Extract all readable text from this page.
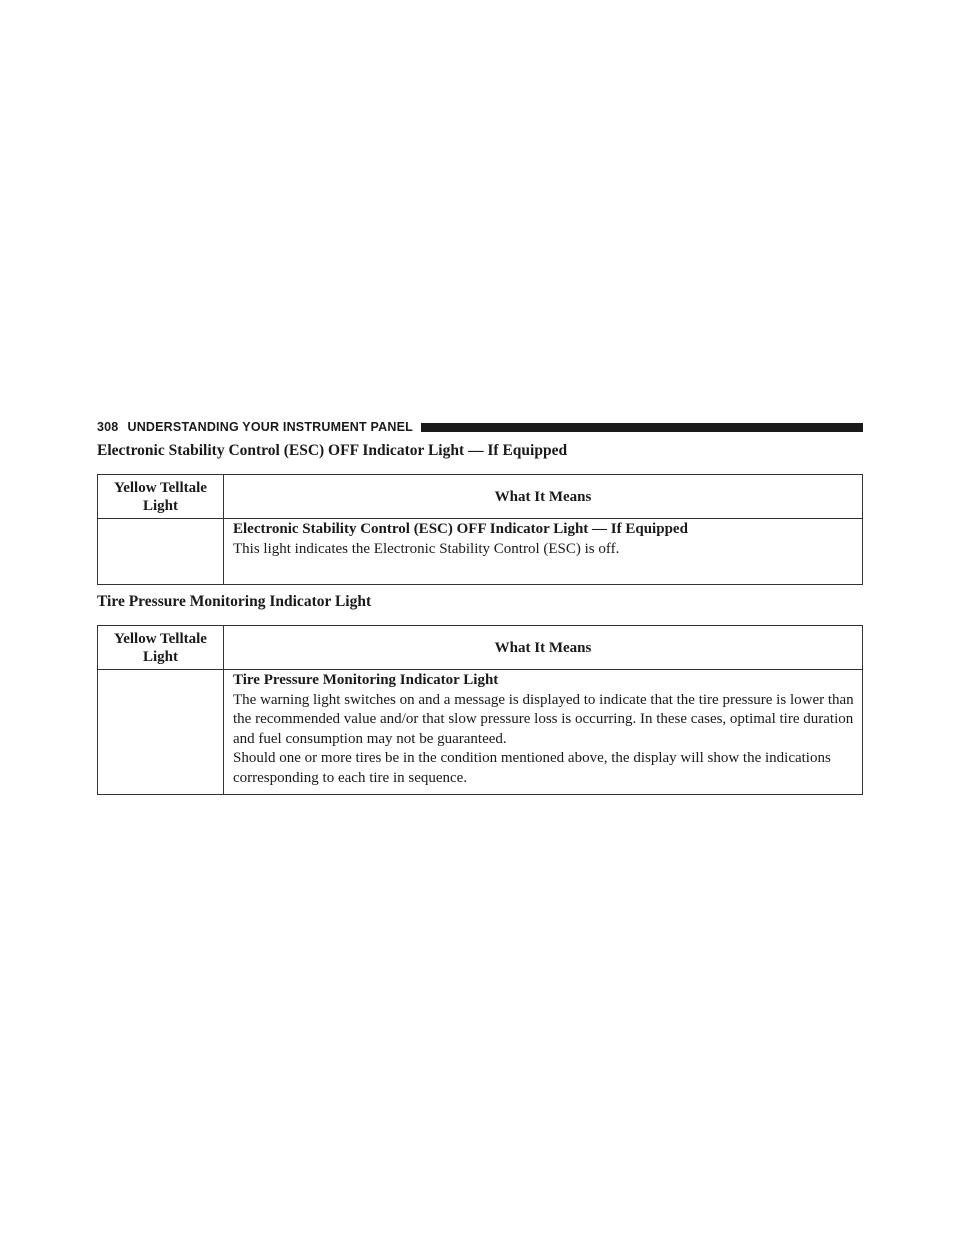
308 UNDERSTANDING YOUR INSTRUMENT PANEL
Electronic Stability Control (ESC) OFF Indicator Light — If Equipped
Yellow Telltale
Light	What It Means

	Electronic Stability Control (ESC) OFF Indicator Light — If Equipped
This light indicates the Electronic Stability Control (ESC) is off.
Tire Pressure Monitoring Indicator Light
Yellow Telltale
Light	What It Means

	Tire Pressure Monitoring Indicator Light
The warning light switches on and a message is displayed to indicate that the tire pressure is lower than the recommended value and/or that slow pressure loss is occurring. In these cases, optimal tire duration and fuel consumption may not be guaranteed.
Should one or more tires be in the condition mentioned above, the display will show the indications corresponding to each tire in sequence.
